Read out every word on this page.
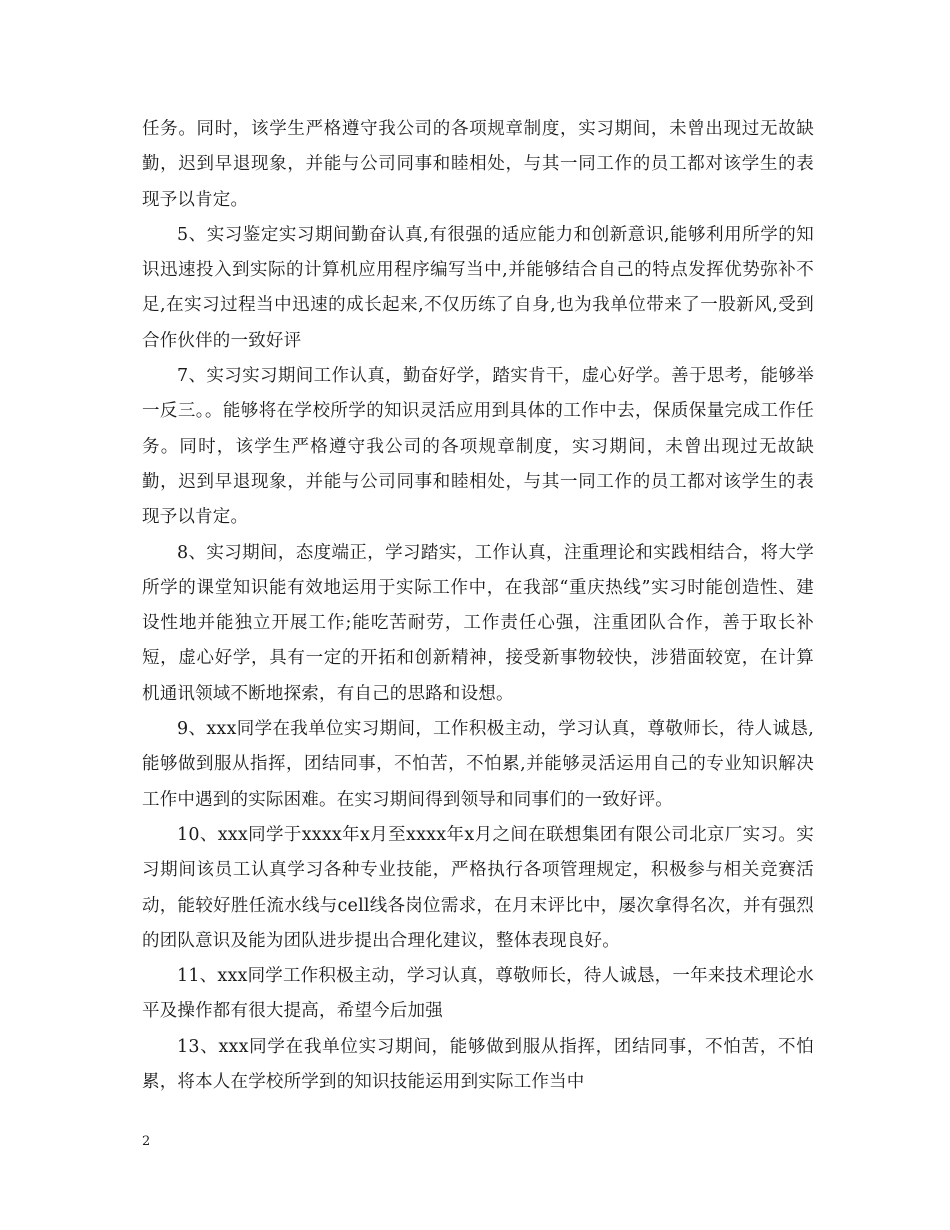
任务。同时，该学生严格遵守我公司的各项规章制度，实习期间，未曾出现过无故缺勤，迟到早退现象，并能与公司同事和睦相处，与其一同工作的员工都对该学生的表现予以肯定。

5、实习鉴定实习期间勤奋认真,有很强的适应能力和创新意识,能够利用所学的知识迅速投入到实际的计算机应用程序编写当中,并能够结合自己的特点发挥优势弥补不足,在实习过程当中迅速的成长起来,不仅历练了自身,也为我单位带来了一股新风,受到合作伙伴的一致好评

7、实习实习期间工作认真，勤奋好学，踏实肯干，虚心好学。善于思考，能够举一反三。。能够将在学校所学的知识灵活应用到具体的工作中去，保质保量完成工作任务。同时，该学生严格遵守我公司的各项规章制度，实习期间，未曾出现过无故缺勤，迟到早退现象，并能与公司同事和睦相处，与其一同工作的员工都对该学生的表现予以肯定。

8、实习期间，态度端正，学习踏实，工作认真，注重理论和实践相结合，将大学所学的课堂知识能有效地运用于实际工作中，在我部“重庆热线”实习时能创造性、建设性地并能独立开展工作;能吃苦耐劳，工作责任心强，注重团队合作，善于取长补短，虚心好学，具有一定的开拓和创新精神，接受新事物较快，涉猎面较宽，在计算机通讯领域不断地探索，有自己的思路和设想。

9、xxx同学在我单位实习期间，工作积极主动，学习认真，尊敬师长，待人诚恳,能够做到服从指挥，团结同事，不怕苦，不怕累,并能够灵活运用自己的专业知识解决工作中遇到的实际困难。在实习期间得到领导和同事们的一致好评。

10、xxx同学于xxxx年x月至xxxx年x月之间在联想集团有限公司北京厂实习。实习期间该员工认真学习各种专业技能，严格执行各项管理规定，积极参与相关竞赛活动，能较好胜任流水线与cell线各岗位需求，在月末评比中，屡次拿得名次，并有强烈的团队意识及能为团队进步提出合理化建议，整体表现良好。

11、xxx同学工作积极主动，学习认真，尊敬师长，待人诚恳，一年来技术理论水平及操作都有很大提高，希望今后加强

13、xxx同学在我单位实习期间，能够做到服从指挥，团结同事，不怕苦，不怕累，将本人在学校所学到的知识技能运用到实际工作当中

2
